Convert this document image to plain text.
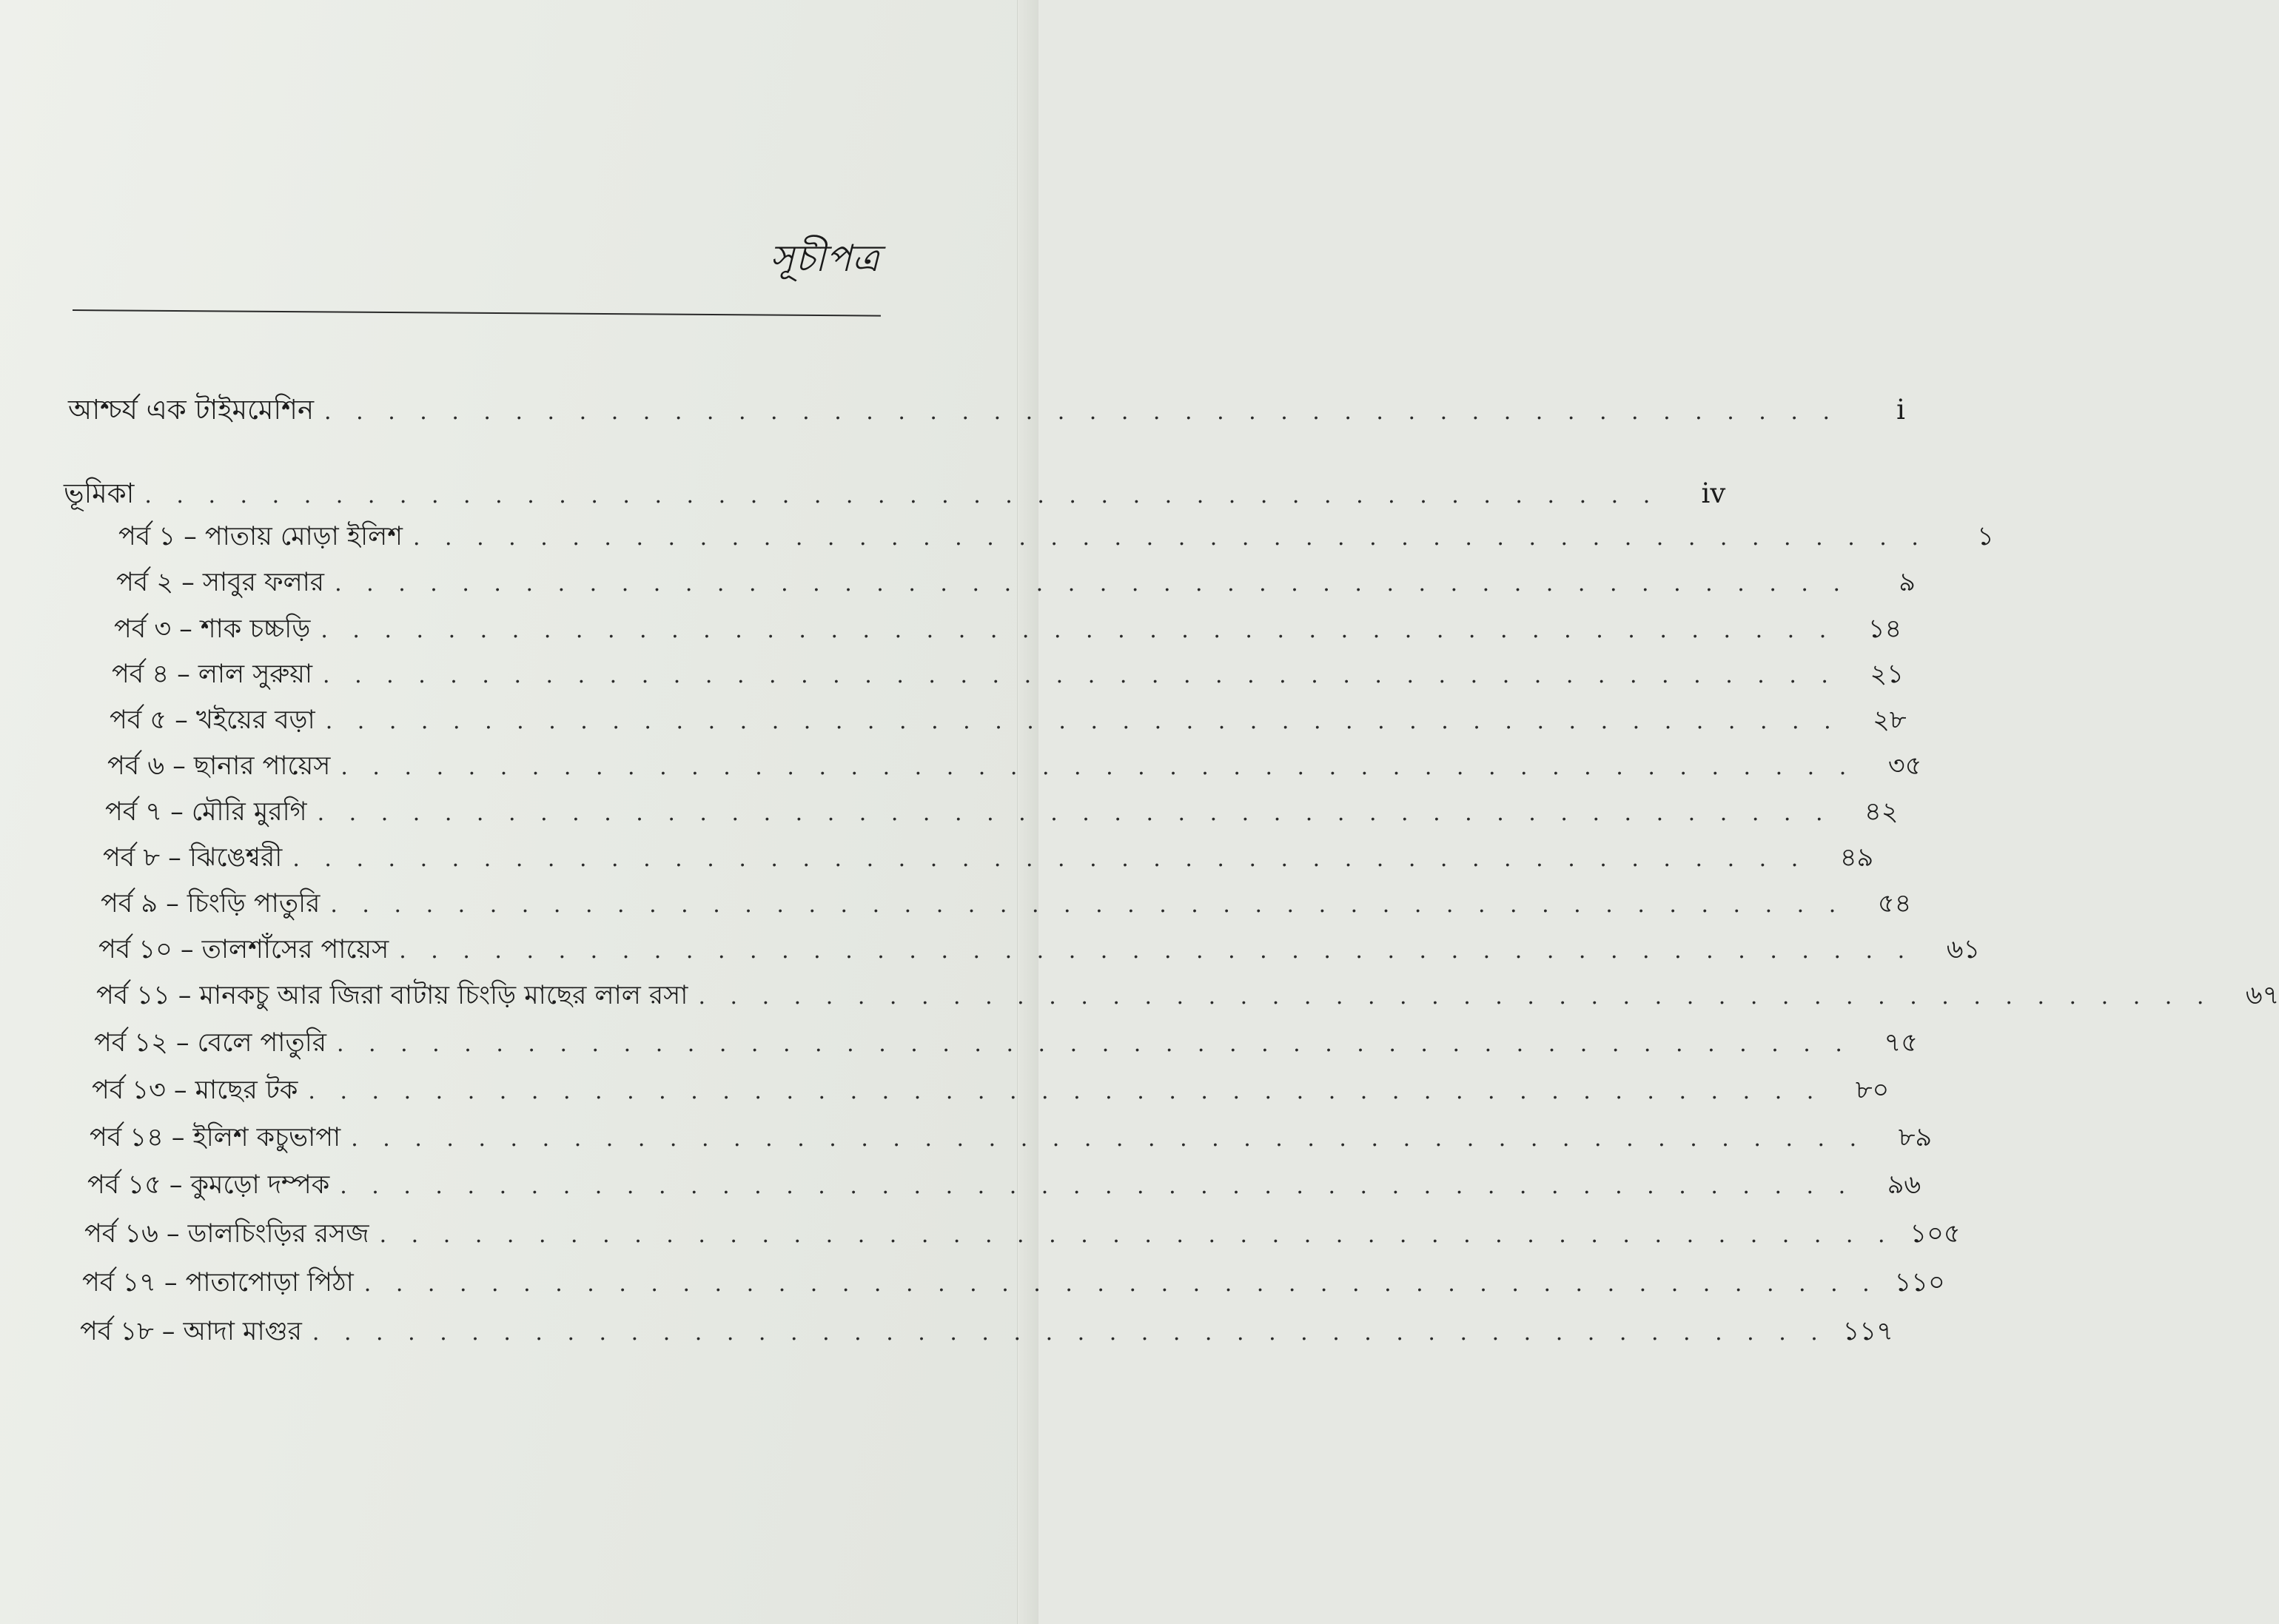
সূচীপত্র
আশ্চর্য এক টাইমমেশিন . . . . . . . . . . . . . . . . . . . . . . . . . . . . . . . . . . . . . . . . . . . . . . . .	i
ভূমিকা . . . . . . . . . . . . . . . . . . . . . . . . . . . . . . . . . . . . . . . . . . . . . . . .	iv
পর্ব ১ – পাতায় মোড়া ইলিশ . . . . . . . . . . . . . . . . . . . . . . . . . . . . . . . . . . . . . . . . . . . . . . . .	১
পর্ব ২ – সাবুর ফলার . . . . . . . . . . . . . . . . . . . . . . . . . . . . . . . . . . . . . . . . . . . . . . . .	৯
পর্ব ৩ – শাক চচ্চড়ি . . . . . . . . . . . . . . . . . . . . . . . . . . . . . . . . . . . . . . . . . . . . . . . .	১৪
পর্ব ৪ – লাল সুরুয়া . . . . . . . . . . . . . . . . . . . . . . . . . . . . . . . . . . . . . . . . . . . . . . . .	২১
পর্ব ৫ – খইয়ের বড়া . . . . . . . . . . . . . . . . . . . . . . . . . . . . . . . . . . . . . . . . . . . . . . . .	২৮
পর্ব ৬ – ছানার পায়েস . . . . . . . . . . . . . . . . . . . . . . . . . . . . . . . . . . . . . . . . . . . . . . . .	৩৫
পর্ব ৭ – মৌরি মুরগি . . . . . . . . . . . . . . . . . . . . . . . . . . . . . . . . . . . . . . . . . . . . . . . .	৪২
পর্ব ৮ – ঝিঙেশ্বরী . . . . . . . . . . . . . . . . . . . . . . . . . . . . . . . . . . . . . . . . . . . . . . . .	৪৯
পর্ব ৯ – চিংড়ি পাতুরি . . . . . . . . . . . . . . . . . . . . . . . . . . . . . . . . . . . . . . . . . . . . . . . .	৫৪
পর্ব ১০ – তালশাঁসের পায়েস . . . . . . . . . . . . . . . . . . . . . . . . . . . . . . . . . . . . . . . . . . . . . . . .	৬১
পর্ব ১১ – মানকচু আর জিরা বাটায় চিংড়ি মাছের লাল রসা . . . . . . . . . . . . . . . . . . . . . . . . . . . . . . . . . . . . . . . . . . . . . . . .	৬৭
পর্ব ১২ – বেলে পাতুরি . . . . . . . . . . . . . . . . . . . . . . . . . . . . . . . . . . . . . . . . . . . . . . . .	৭৫
পর্ব ১৩ – মাছের টক . . . . . . . . . . . . . . . . . . . . . . . . . . . . . . . . . . . . . . . . . . . . . . . .	৮০
পর্ব ১৪ – ইলিশ কচুভাপা . . . . . . . . . . . . . . . . . . . . . . . . . . . . . . . . . . . . . . . . . . . . . . . .	৮৯
পর্ব ১৫ – কুমড়ো দম্পক . . . . . . . . . . . . . . . . . . . . . . . . . . . . . . . . . . . . . . . . . . . . . . . .	৯৬
পর্ব ১৬ – ডালচিংড়ির রসজ . . . . . . . . . . . . . . . . . . . . . . . . . . . . . . . . . . . . . . . . . . . . . . . . ১০৫
পর্ব ১৭ – পাতাপোড়া পিঠা . . . . . . . . . . . . . . . . . . . . . . . . . . . . . . . . . . . . . . . . . . . . . . . . ১১০
পর্ব ১৮ – আদা মাগুর . . . . . . . . . . . . . . . . . . . . . . . . . . . . . . . . . . . . . . . . . . . . . . . . ১১৭
